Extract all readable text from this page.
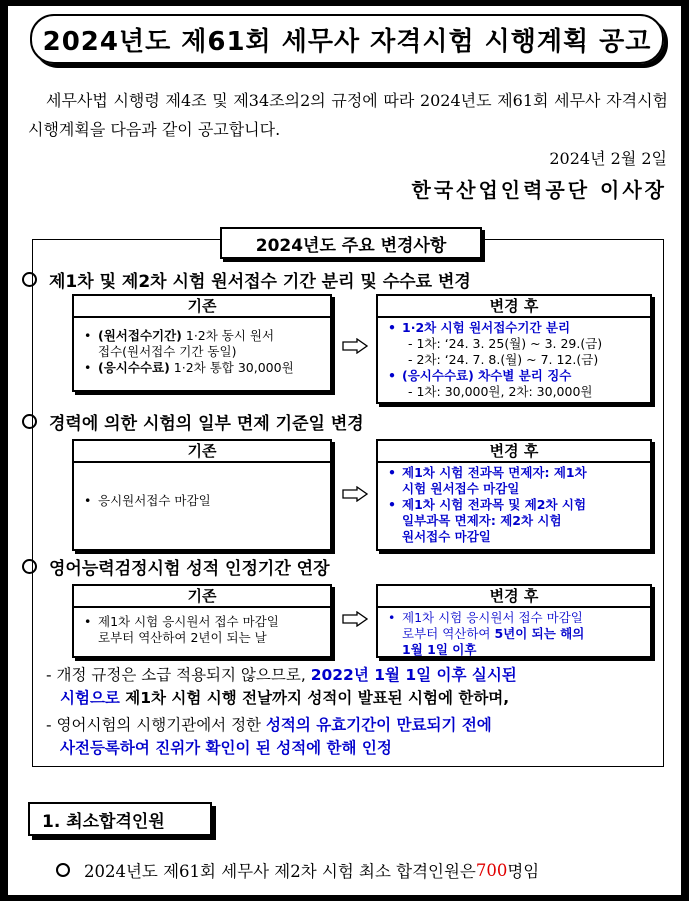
2024년도 제61회 세무사 자격시험 시행계획 공고
세무사법 시행령 제4조 및 제34조의2의 규정에 따라 2024년도 제61회 세무사 자격시험 시행계획을 다음과 같이 공고합니다.
2024년 2월 2일
한국산업인력공단 이사장
2024년도 주요 변경사항
제1차 및 제2차 시험 원서접수 기간 분리 및 수수료 변경
기존
• (원서접수기간) 1·2차 동시 원서
접수(원서접수 기간 동일)
• (응시수수료) 1·2차 통합 30,000원
변경 후
• 1·2차 시험 원서접수기간 분리
- 1차: ‘24. 3. 25(월) ~ 3. 29.(금)
- 2차: ‘24. 7. 8.(월) ~ 7. 12.(금)
• (응시수수료) 차수별 분리 징수
- 1차: 30,000원, 2차: 30,000원
경력에 의한 시험의 일부 면제 기준일 변경
기존
• 응시원서접수 마감일
변경 후
• 제1차 시험 전과목 면제자: 제1차
시험 원서접수 마감일
• 제1차 시험 전과목 및 제2차 시험
일부과목 면제자: 제2차 시험
원서접수 마감일
영어능력검정시험 성적 인정기간 연장
기존
• 제1차 시험 응시원서 접수 마감일
로부터 역산하여 2년이 되는 날
변경 후
• 제1차 시험 응시원서 접수 마감일
로부터 역산하여 5년이 되는 해의
1월 1일 이후
- 개정 규정은 소급 적용되지 않으므로, 2022년 1월 1일 이후 실시된
시험으로 제1차 시험 시행 전날까지 성적이 발표된 시험에 한하며,
- 영어시험의 시행기관에서 정한 성적의 유효기간이 만료되기 전에
사전등록하여 진위가 확인이 된 성적에 한해 인정
1. 최소합격인원
2024년도 제61회 세무사 제2차 시험 최소 합격인원은 700 명임
